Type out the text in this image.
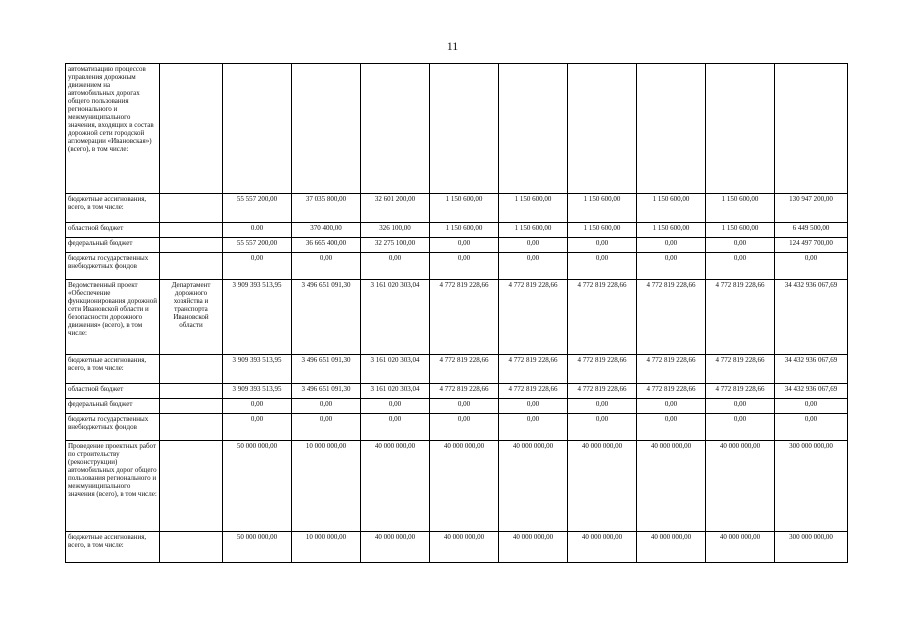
11
автоматизацию процессов управления дорожным движением на автомобильных дорогах общего пользования регионального и межмуниципального значения, входящих в состав дорожной сети городской агломерации «Ивановская») (всего), в том числе:										
бюджетные ассигнования, всего, в том числе:		55 557 200,00	37 035 800,00	32 601 200,00	1 150 600,00	1 150 600,00	1 150 600,00	1 150 600,00	1 150 600,00	130 947 200,00
областной бюджет		0.00	370 400,00	326 100,00	1 150 600,00	1 150 600,00	1 150 600,00	1 150 600,00	1 150 600,00	6 449 500,00
федеральный бюджет		55 557 200,00	36 665 400,00	32 275 100,00	0,00	0,00	0,00	0,00	0,00	124 497 700,00
бюджеты государственных внебюджетных фондов		0,00	0,00	0,00	0,00	0,00	0,00	0,00	0,00	0,00
Ведомственный проект «Обеспечение функционирования дорожной сети Ивановской области и безопасности дорожного движения» (всего), в том числе:	Департамент дорожного хозяйства и транспорта Ивановской области	3 909 393 513,95	3 496 651 091,30	3 161 020 303,04	4 772 819 228,66	4 772 819 228,66	4 772 819 228,66	4 772 819 228,66	4 772 819 228,66	34 432 936 067,69
бюджетные ассигнования, всего, в том числе:		3 909 393 513,95	3 496 651 091,30	3 161 020 303,04	4 772 819 228,66	4 772 819 228,66	4 772 819 228,66	4 772 819 228,66	4 772 819 228,66	34 432 936 067,69
областной бюджет		3 909 393 513,95	3 496 651 091,30	3 161 020 303,04	4 772 819 228,66	4 772 819 228,66	4 772 819 228,66	4 772 819 228,66	4 772 819 228,66	34 432 936 067,69
федеральный бюджет		0,00	0,00	0,00	0,00	0,00	0,00	0,00	0,00	0,00
бюджеты государственных внебюджетных фондов		0,00	0,00	0,00	0,00	0,00	0,00	0,00	0,00	0,00
Проведение проектных работ по строительству (реконструкции) автомобильных дорог общего пользования регионального и межмуниципального значения (всего), в том числе:		50 000 000,00	10 000 000,00	40 000 000,00	40 000 000,00	40 000 000,00	40 000 000,00	40 000 000,00	40 000 000,00	300 000 000,00
бюджетные ассигнования, всего, в том числе:		50 000 000,00	10 000 000,00	40 000 000,00	40 000 000,00	40 000 000,00	40 000 000,00	40 000 000,00	40 000 000,00	300 000 000,00
